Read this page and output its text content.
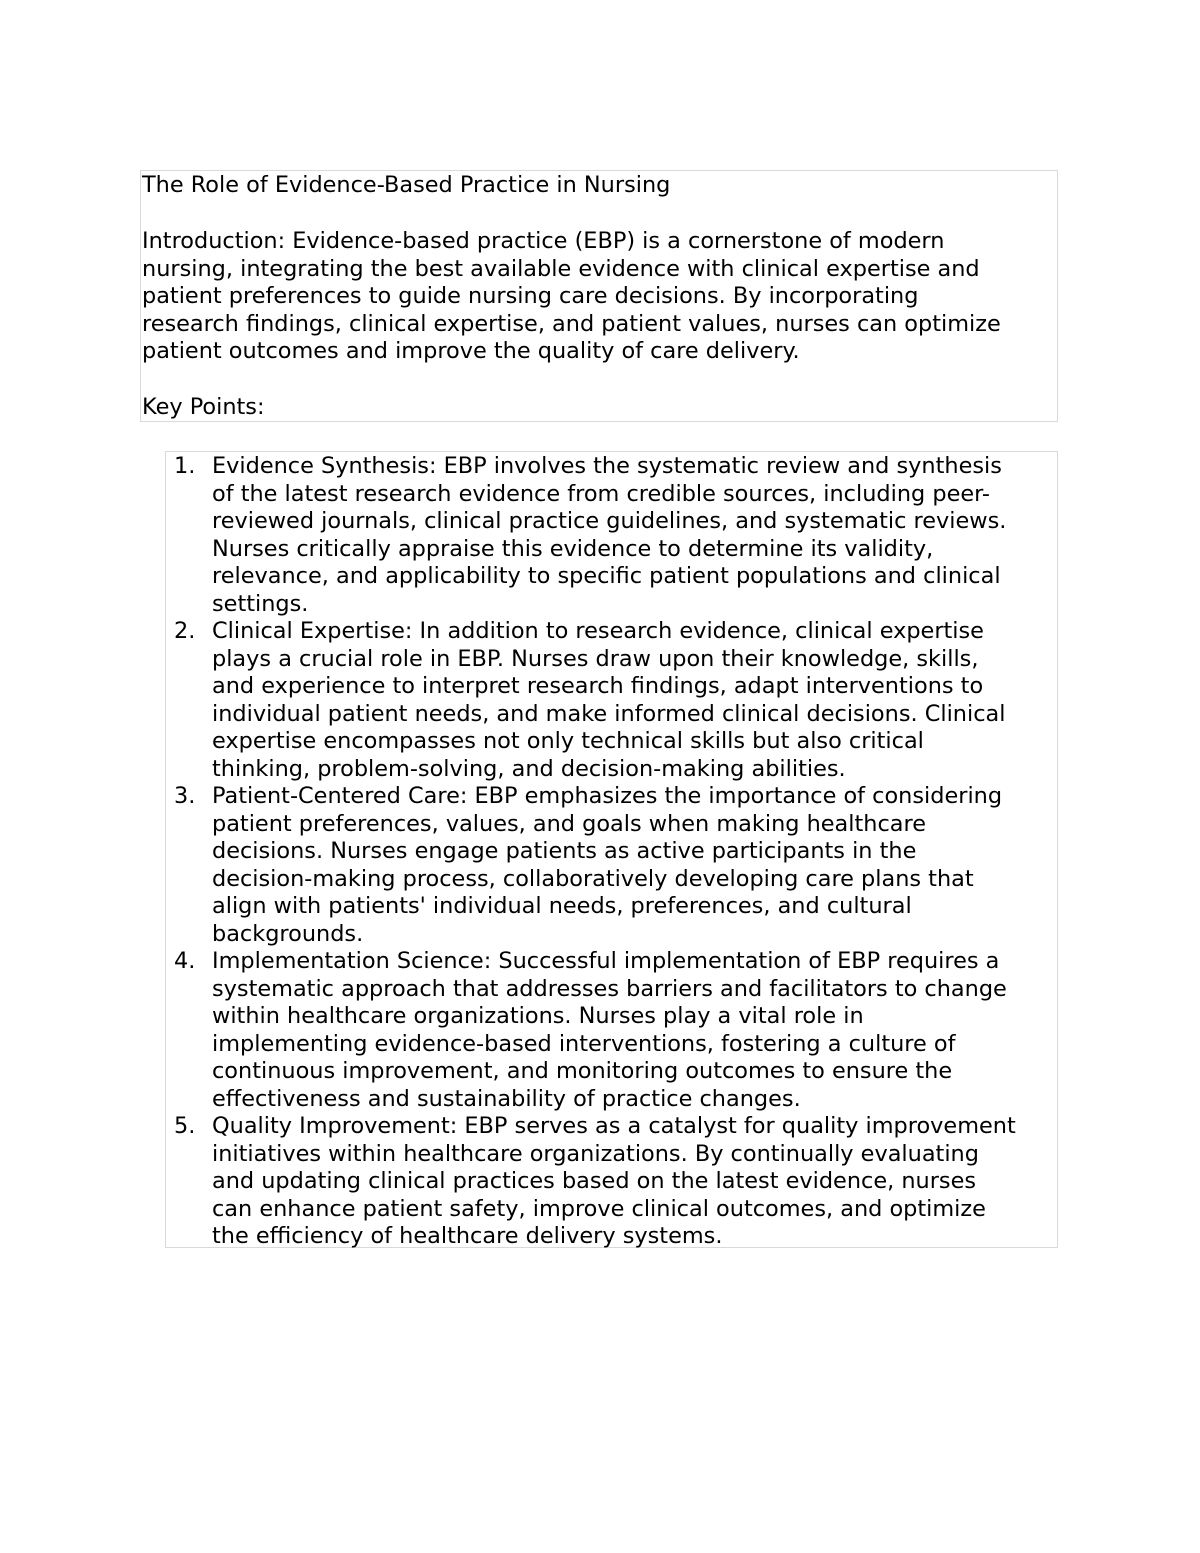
The Role of Evidence-Based Practice in Nursing

Introduction: Evidence-based practice (EBP) is a cornerstone of modern
nursing, integrating the best available evidence with clinical expertise and
patient preferences to guide nursing care decisions. By incorporating
research findings, clinical expertise, and patient values, nurses can optimize
patient outcomes and improve the quality of care delivery.

Key Points:

1. Evidence Synthesis: EBP involves the systematic review and synthesis
of the latest research evidence from credible sources, including peer-
reviewed journals, clinical practice guidelines, and systematic reviews.
Nurses critically appraise this evidence to determine its validity,
relevance, and applicability to specific patient populations and clinical
settings.
2. Clinical Expertise: In addition to research evidence, clinical expertise
plays a crucial role in EBP. Nurses draw upon their knowledge, skills,
and experience to interpret research findings, adapt interventions to
individual patient needs, and make informed clinical decisions. Clinical
expertise encompasses not only technical skills but also critical
thinking, problem-solving, and decision-making abilities.
3. Patient-Centered Care: EBP emphasizes the importance of considering
patient preferences, values, and goals when making healthcare
decisions. Nurses engage patients as active participants in the
decision-making process, collaboratively developing care plans that
align with patients' individual needs, preferences, and cultural
backgrounds.
4. Implementation Science: Successful implementation of EBP requires a
systematic approach that addresses barriers and facilitators to change
within healthcare organizations. Nurses play a vital role in
implementing evidence-based interventions, fostering a culture of
continuous improvement, and monitoring outcomes to ensure the
effectiveness and sustainability of practice changes.
5. Quality Improvement: EBP serves as a catalyst for quality improvement
initiatives within healthcare organizations. By continually evaluating
and updating clinical practices based on the latest evidence, nurses
can enhance patient safety, improve clinical outcomes, and optimize
the efficiency of healthcare delivery systems.
